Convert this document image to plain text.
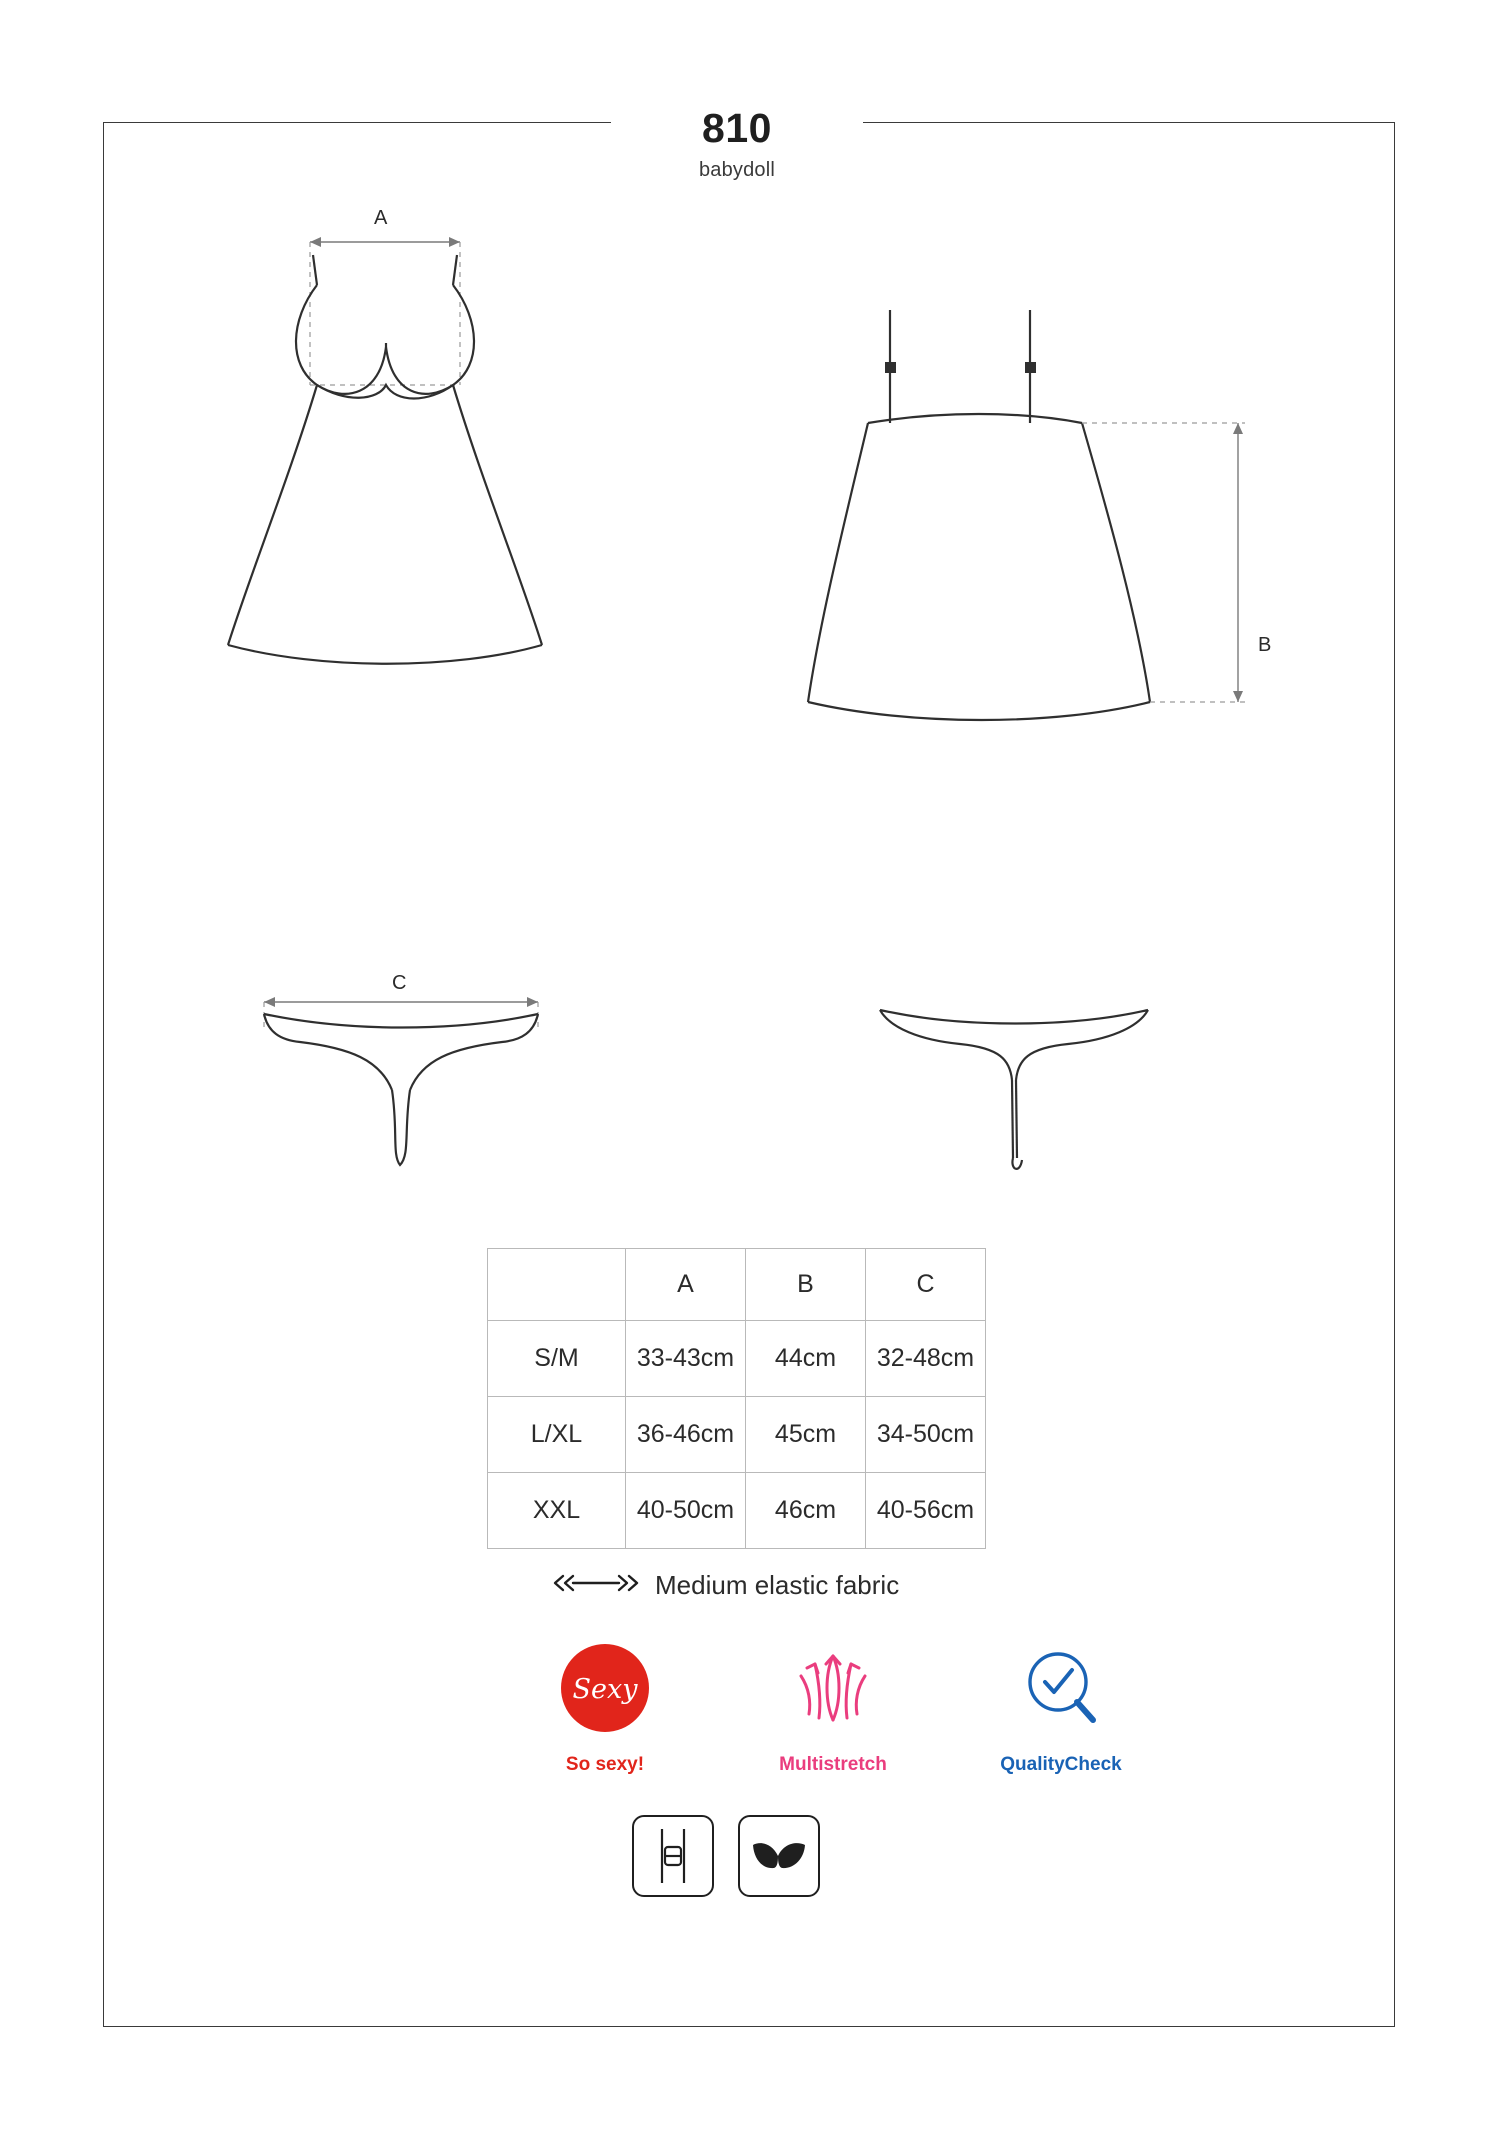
810
babydoll
A
B
C
	A	B	C
S/M	33-43cm	44cm	32-48cm
L/XL	36-46cm	45cm	34-50cm
XXL	40-50cm	46cm	40-56cm
Medium elastic fabric
Sexy
So sexy!	Multistretch	QualityCheck
